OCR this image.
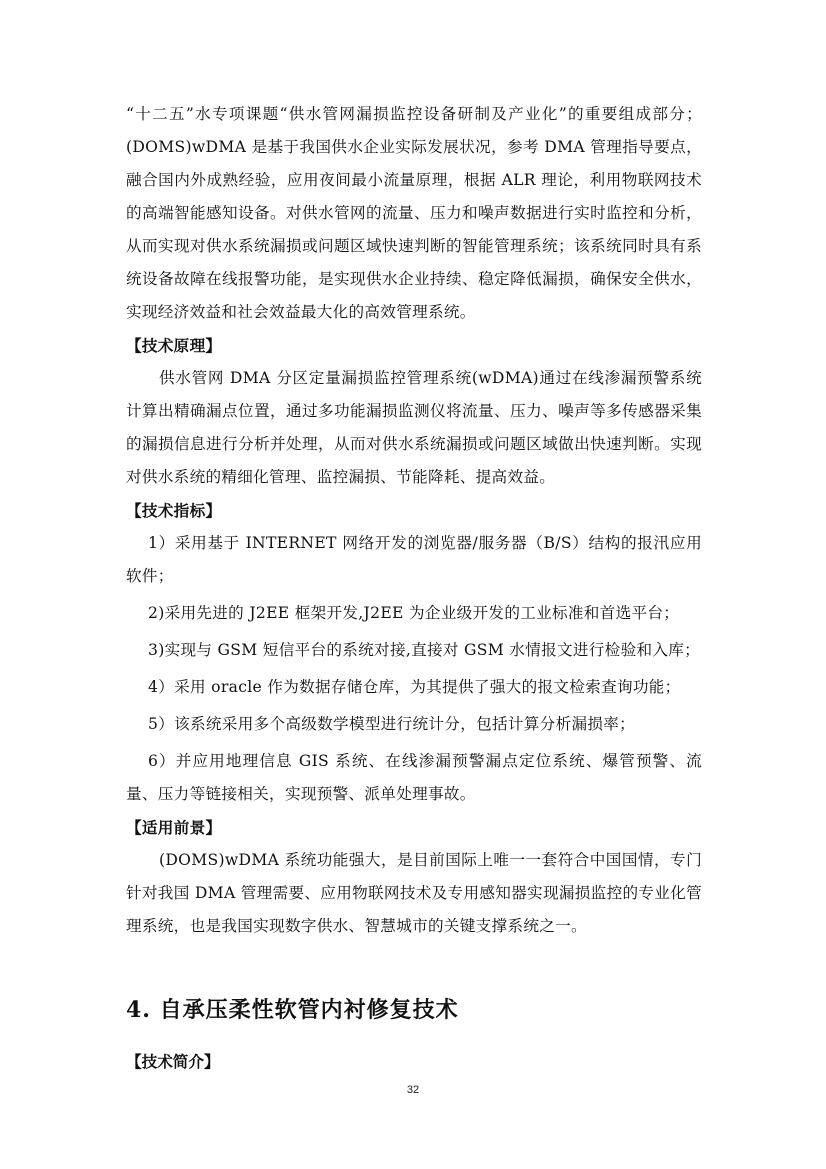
“十二五”水专项课题“供水管网漏损监控设备研制及产业化”的重要组成部分；(DOMS)wDMA 是基于我国供水企业实际发展状况，参考 DMA 管理指导要点，融合国内外成熟经验，应用夜间最小流量原理，根据 ALR 理论，利用物联网技术的高端智能感知设备。对供水管网的流量、压力和噪声数据进行实时监控和分析，从而实现对供水系统漏损或问题区域快速判断的智能管理系统；该系统同时具有系统设备故障在线报警功能，是实现供水企业持续、稳定降低漏损，确保安全供水，实现经济效益和社会效益最大化的高效管理系统。

【技术原理】

供水管网 DMA 分区定量漏损监控管理系统(wDMA)通过在线渗漏预警系统计算出精确漏点位置，通过多功能漏损监测仪将流量、压力、噪声等多传感器采集的漏损信息进行分析并处理，从而对供水系统漏损或问题区域做出快速判断。实现对供水系统的精细化管理、监控漏损、节能降耗、提高效益。

【技术指标】

1）采用基于 INTERNET 网络开发的浏览器/服务器（B/S）结构的报汛应用软件；

2)采用先进的 J2EE 框架开发,J2EE 为企业级开发的工业标准和首选平台；

3)实现与 GSM 短信平台的系统对接,直接对 GSM 水情报文进行检验和入库；

4）采用 oracle 作为数据存储仓库，为其提供了强大的报文检索查询功能；

5）该系统采用多个高级数学模型进行统计分，包括计算分析漏损率；

6）并应用地理信息 GIS 系统、在线渗漏预警漏点定位系统、爆管预警、流量、压力等链接相关，实现预警、派单处理事故。

【适用前景】

(DOMS)wDMA 系统功能强大，是目前国际上唯一一套符合中国国情，专门针对我国 DMA 管理需要、应用物联网技术及专用感知器实现漏损监控的专业化管理系统，也是我国实现数字供水、智慧城市的关键支撑系统之一。

4. 自承压柔性软管内衬修复技术

【技术简介】

32
